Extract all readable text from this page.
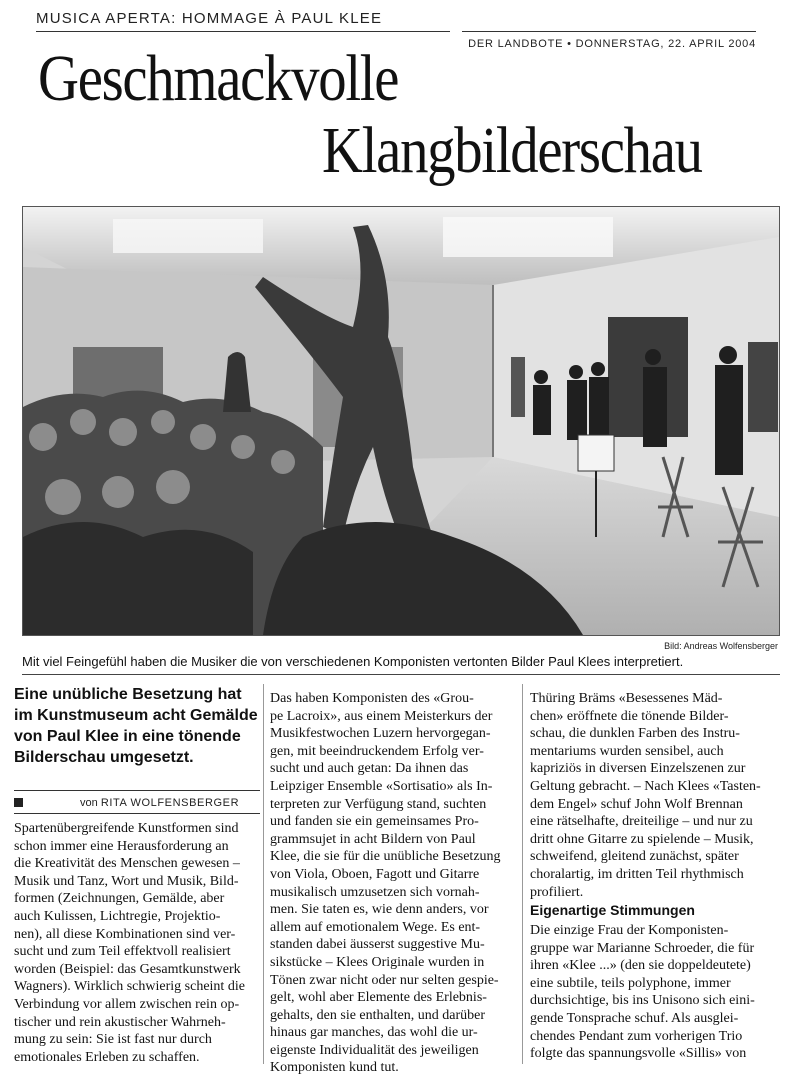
MUSICA APERTA: HOMMAGE À PAUL KLEE
DER LANDBOTE • DONNERSTAG, 22. APRIL 2004
Geschmackvolle
Klangbilderschau
Bild: Andreas Wolfensberger
Mit viel Feingefühl haben die Musiker die von verschiedenen Komponisten vertonten Bilder Paul Klees interpretiert.

Eine unübliche Besetzung hat im Kunstmuseum acht Gemälde von Paul Klee in eine tönende Bilderschau umgesetzt.

von RITA WOLFENSBERGER

Spartenübergreifende Kunstformen sind
schon immer eine Herausforderung an
die Kreativität des Menschen gewesen –
Musik und Tanz, Wort und Musik, Bild-
formen (Zeichnungen, Gemälde, aber
auch Kulissen, Lichtregie, Projektio-
nen), all diese Kombinationen sind ver-
sucht und zum Teil effektvoll realisiert
worden (Beispiel: das Gesamtkunstwerk
Wagners). Wirklich schwierig scheint die
Verbindung vor allem zwischen rein op-
tischer und rein akustischer Wahrneh-
mung zu sein: Sie ist fast nur durch
emotionales Erleben zu schaffen.

Das haben Komponisten des «Grou-
pe Lacroix», aus einem Meisterkurs der
Musikfestwochen Luzern hervorgegan-
gen, mit beeindruckendem Erfolg ver-
sucht und auch getan: Da ihnen das
Leipziger Ensemble «Sortisatio» als In-
terpreten zur Verfügung stand, suchten
und fanden sie ein gemeinsames Pro-
grammsujet in acht Bildern von Paul
Klee, die sie für die unübliche Besetzung
von Viola, Oboen, Fagott und Gitarre
musikalisch umzusetzen sich vornah-
men. Sie taten es, wie denn anders, vor
allem auf emotionalem Wege. Es ent-
standen dabei äusserst suggestive Mu-
sikstücke – Klees Originale wurden in
Tönen zwar nicht oder nur selten gespie-
gelt, wohl aber Elemente des Erlebnis-
gehalts, den sie enthalten, und darüber
hinaus gar manches, das wohl die ur-
eigenste Individualität des jeweiligen
Komponisten kund tut.

Thüring Bräms «Besessenes Mäd-
chen» eröffnete die tönende Bilder-
schau, die dunklen Farben des Instru-
mentariums wurden sensibel, auch
kapriziös in diversen Einzelszenen zur
Geltung gebracht. – Nach Klees «Tasten-
dem Engel» schuf John Wolf Brennan
eine rätselhafte, dreiteilige – und nur zu
dritt ohne Gitarre zu spielende – Musik,
schweifend, gleitend zunächst, später
choralartig, im dritten Teil rhythmisch
profiliert.

Eigenartige Stimmungen

Die einzige Frau der Komponisten-
gruppe war Marianne Schroeder, die für
ihren «Klee ...» (den sie doppeldeutete)
eine subtile, teils polyphone, immer
durchsichtige, bis ins Unisono sich eini-
gende Tonsprache schuf. Als ausglei-
chendes Pendant zum vorherigen Trio
folgte das spannungsvolle «Sillis» von
